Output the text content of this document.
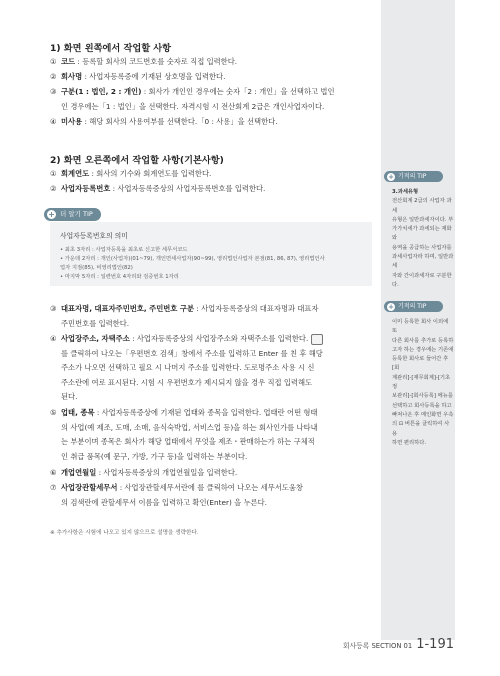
1) 화면 왼쪽에서 작업할 사항
① 코드 : 등록할 회사의 코드번호를 숫자로 직접 입력한다.
② 회사명 : 사업자등록증에 기재된 상호명을 입력한다.
③ 구분(1 : 법인, 2 : 개인) : 회사가 개인인 경우에는 숫자「2 : 개인」을 선택하고 법인
인 경우에는「1 : 법인」을 선택한다. 자격시험 시 전산회계 2급은 개인사업자이다.
④ 미사용 : 해당 회사의 사용여부를 선택한다.「0 : 사용」을 선택한다.
2) 화면 오른쪽에서 작업할 사항(기본사항)
① 회계연도 : 회사의 기수와 회계연도를 입력한다.
② 사업자등록번호 : 사업자등록증상의 사업자등록번호를 입력한다.
사업자등록번호의 의미
• 최초 3자리 : 사업자등록을 최초로 신고한 세무서코드
• 가운데 2자리 : 개인(사업자)(01~79), 개인면세사업자(90~99), 영리법인사업자 본점(81, 86, 87), 영리법인사
업자 지점(85), 비영리법인(82)
• 마지막 5자리 : 일련번호 4자리와 검증번호 1자리
+ 더 알기 TIP
③ 대표자명, 대표자주민번호, 주민번호 구분 : 사업자등록증상의 대표자명과 대표자
주민번호를 입력한다.
④ 사업장주소, 자택주소 : 사업자등록증상의 사업장주소와 자택주소를 입력한다.
를 클릭하여 나오는「우편번호 검색」창에서 주소를 입력하고 Enter 를 친 후 해당
주소가 나오면 선택하고 필요 시 나머지 주소를 입력한다. 도로명주소 사용 시 신
주소란에 여로 표시된다. 시험 시 우편번호가 제시되지 않을 경우 직접 입력해도
된다.
⑤ 업태, 종목 : 사업자등록증상에 기재된 업태와 종목을 입력한다. 업태란 어떤 형태
의 사업(예 제조, 도매, 소매, 음식숙박업, 서비스업 등)을 하는 회사인가를 나타내
는 부분이며 종목은 회사가 해당 업태에서 무엇을 제조・판매하는가 하는 구체적
인 취급 품목(예 문구, 가방, 가구 등)을 입력하는 부분이다.
⑥ 개업연월일 : 사업자등록증상의 개업연월일을 입력한다.
⑦ 사업장관할세무서 : 사업장관할세무서란에 를 클릭하여 나오는 세무서도움창
의 검색란에 관할세무서 이름을 입력하고 확인(Enter) 을 누른다.
※ 추가사항은 시험에 나오고 있지 않으므로 설명을 생략한다.
+ 기적의 TIP
3.과세유형
전산회계 2급의 사업자 과세
유형은 일반과세자이다. 부
가가치세가 과세되는 재화와
용역을 공급하는 사업자를
과세사업자라 하며, 일반과세
자와 간이과세자로 구분한다.
+ 기적의 TIP
이미 등록한 회사 이외에 또
다른 회사를 추가로 등록하
고자 하는 경우에는 기존에
등록한 회사로 들어간 후 [회
계관리]-[재무회계]-[기초정
보관리]-[회사등록] 메뉴를
선택하고 회사등록을 하고
빠져나온 후 메인화면 우측
의 ⊡ 버튼을 클릭하여 사용
하면 편리하다.
회사등록 SECTION 01 1-191
